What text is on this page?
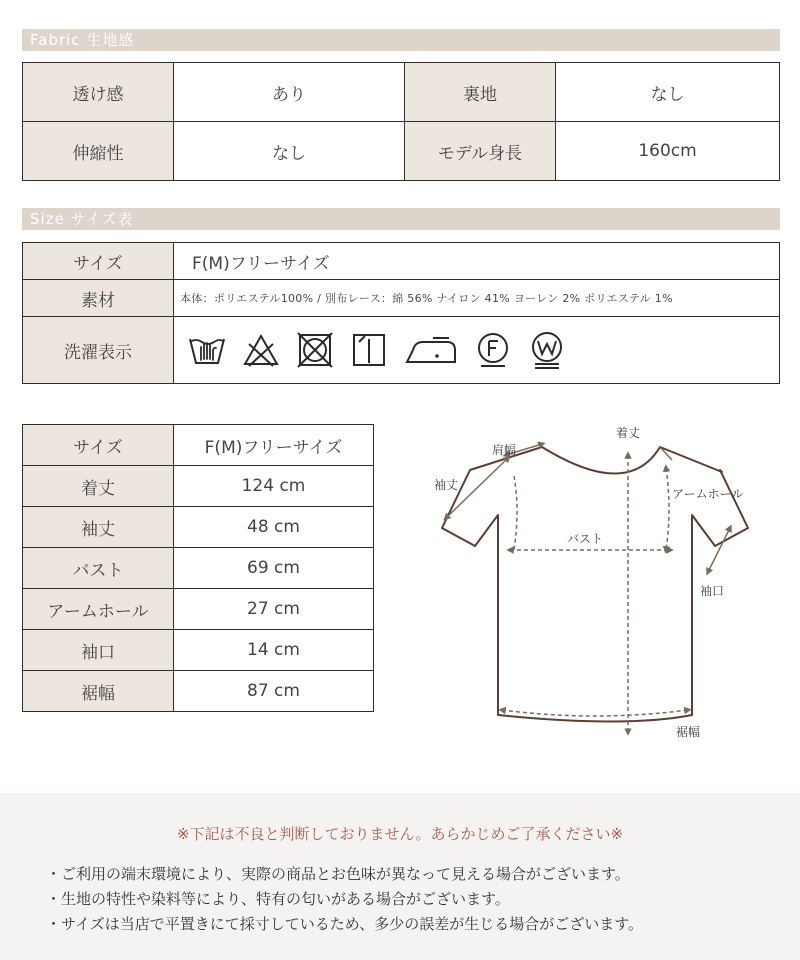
Fabric 生地感
透け感	あり	裏地	なし
伸縮性	なし	モデル身長	160cm
Size サイズ表
サイズ	F(M)フリーサイズ
素材	本体：ポリエステル100% / 別布レース：綿 56% ナイロン 41% ヨーレン 2% ポリエステル 1%
洗濯表示	
サイズ	F(M)フリーサイズ
着丈	124 cm
袖丈	48 cm
バスト	69 cm
アームホール	27 cm
袖口	14 cm
裾幅	87 cm
着丈
肩幅
袖丈
アームホール
バスト
袖口
裾幅
※下記は不良と判断しておりません。あらかじめご了承ください※
・ご利用の端末環境により、実際の商品とお色味が異なって見える場合がございます。
・生地の特性や染料等により、特有の匂いがある場合がございます。
・サイズは当店で平置きにて採寸しているため、多少の誤差が生じる場合がございます。
